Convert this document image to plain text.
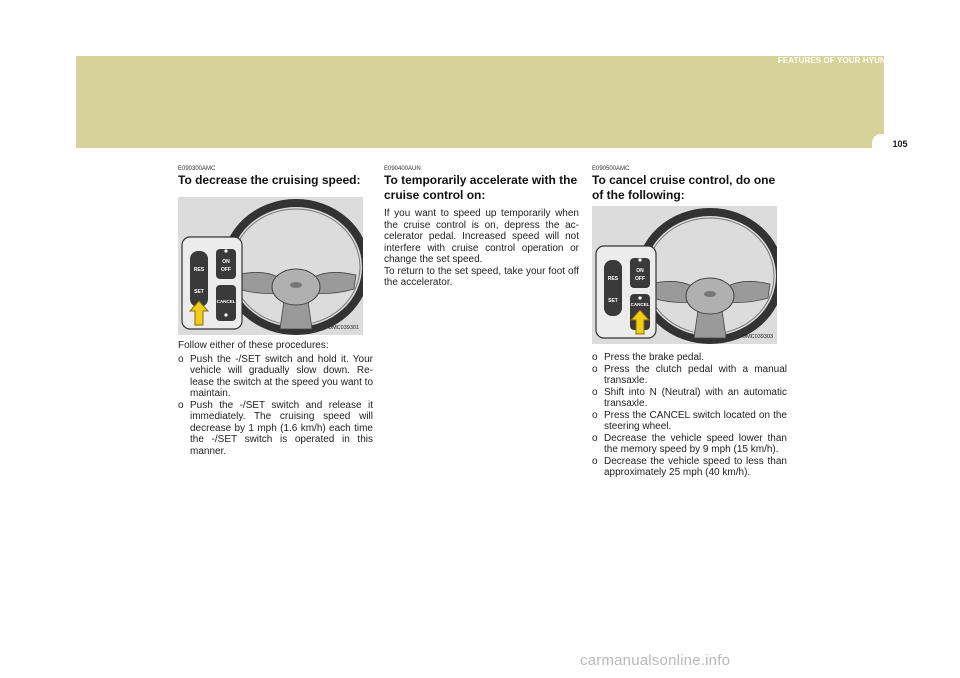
1
FEATURES OF YOUR HYUNDAI
105
E090300AMC
To decrease the cruising speed:
RES
SET
ON
OFF
CANCEL
OMC039301
Follow either of these procedures:
o Push the -/SET switch and hold it. Your vehicle will gradually slow down. Re-lease the switch at the speed you want to maintain.
o Push the -/SET switch and release it immediately. The cruising speed will decrease by 1 mph (1.6 km/h) each time the -/SET switch is operated in this manner.
E090400AUN
To temporarily accelerate with the cruise control on:
If you want to speed up temporarily when the cruise control is on, depress the ac-celerator pedal. Increased speed will not interfere with cruise control operation or change the set speed.
To return to the set speed, take your foot off the accelerator.
E090500AMC
To cancel cruise control, do one of the following:
RES
SET
ON
OFF
CANCEL
OMC039303
o Press the brake pedal.
o Press the clutch pedal with a manual transaxle.
o Shift into N (Neutral) with an automatic transaxle.
o Press the CANCEL switch located on the steering wheel.
o Decrease the vehicle speed lower than the memory speed by 9 mph (15 km/h).
o Decrease the vehicle speed to less than approximately 25 mph (40 km/h).
carmanualsonline.info
